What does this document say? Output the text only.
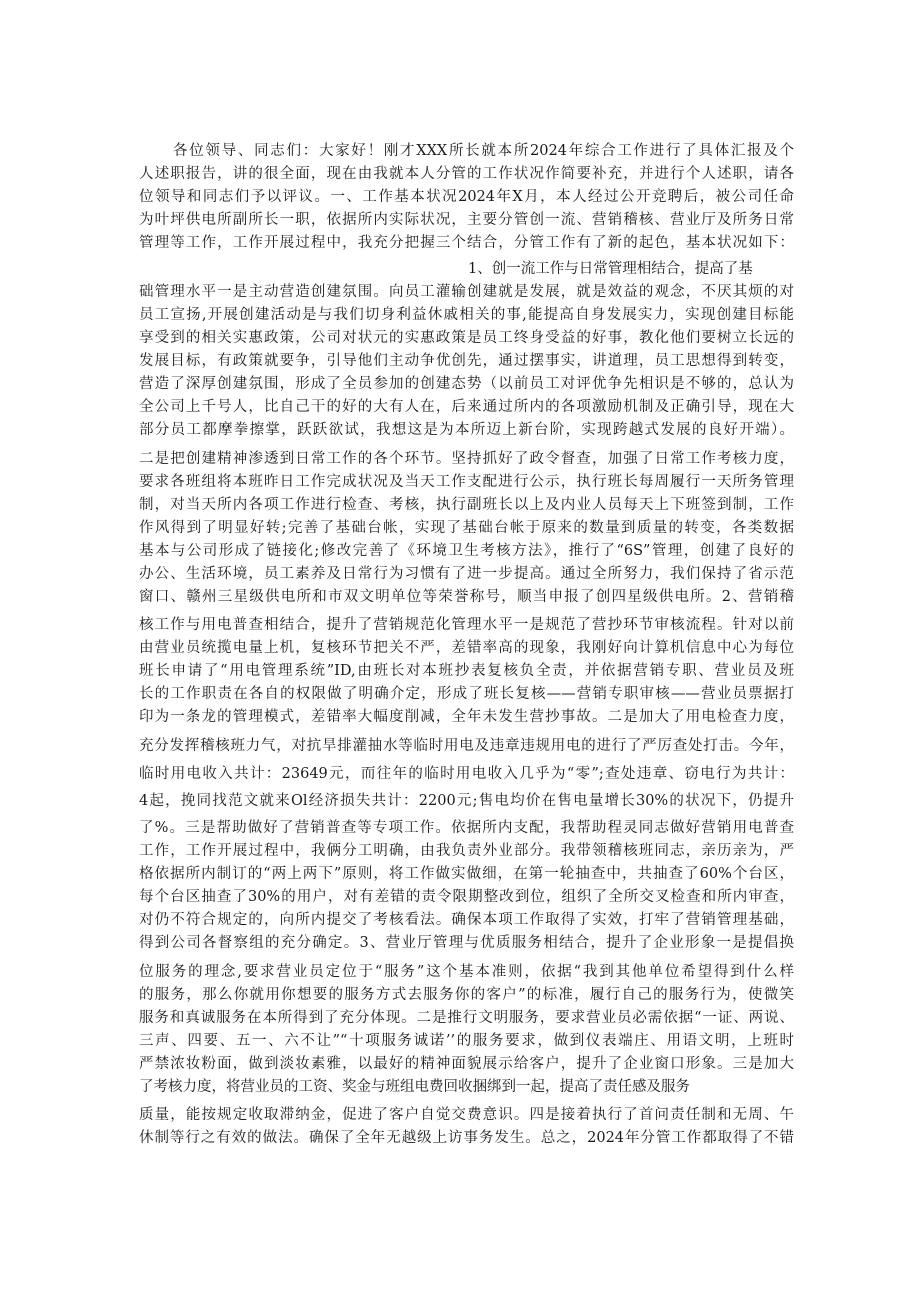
各位领导、同志们：大家好！刚才XXX所长就本所2024年综合工作进行了具体汇报及个
人述职报告，讲的很全面，现在由我就本人分管的工作状况作简要补充，并进行个人述职，请各
位领导和同志们予以评议。一、工作基本状况2024年X月，本人经过公开竞聘后，被公司任命
为叶坪供电所副所长一职，依据所内实际状况，主要分管创一流、营销稽核、营业厅及所务日常
管理等工作，工作开展过程中，我充分把握三个结合，分管工作有了新的起色，基本状况如下：
1、创一流工作与日常管理相结合，提高了基
础管理水平一是主动营造创建氛围。向员工灌输创建就是发展，就是效益的观念，不厌其烦的对
员工宣扬,开展创建活动是与我们切身利益休戚相关的事,能提高自身发展实力，实现创建目标能
享受到的相关实惠政策，公司对状元的实惠政策是员工终身受益的好事，教化他们要树立长远的
发展目标，有政策就要争，引导他们主动争优创先，通过摆事实，讲道理，员工思想得到转变，
营造了深厚创建氛围，形成了全员参加的创建态势（以前员工对评优争先相识是不够的，总认为
全公司上千号人，比自己干的好的大有人在，后来通过所内的各项激励机制及正确引导，现在大
部分员工都摩拳擦掌，跃跃欲试，我想这是为本所迈上新台阶，实现跨越式发展的良好开端）。
二是把创建精神渗透到日常工作的各个环节。坚持抓好了政令督查，加强了日常工作考核力度，
要求各班组将本班昨日工作完成状况及当天工作支配进行公示，执行班长每周履行一天所务管理
制，对当天所内各项工作进行检查、考核，执行副班长以上及内业人员每天上下班签到制，工作
作风得到了明显好转;完善了基础台帐，实现了基础台帐于原来的数量到质量的转变，各类数据
基本与公司形成了链接化;修改完善了《环境卫生考核方法》，推行了“6S”管理，创建了良好的
办公、生活环境，员工素养及日常行为习惯有了进一步提高。通过全所努力，我们保持了省示范
窗口、赣州三星级供电所和市双文明单位等荣誉称号，顺当申报了创四星级供电所。2、营销稽
核工作与用电普查相结合，提升了营销规范化管理水平一是规范了营抄环节审核流程。针对以前
由营业员统揽电量上机，复核环节把关不严，差错率高的现象，我刚好向计算机信息中心为每位
班长申请了“用电管理系统”ID,由班长对本班抄表复核负全责，并依据营销专职、营业员及班
长的工作职责在各自的权限做了明确介定，形成了班长复核——营销专职审核——营业员票据打
印为一条龙的管理模式，差错率大幅度削减，全年未发生营抄事故。二是加大了用电检查力度，
充分发挥稽核班力气，对抗旱排灌抽水等临时用电及违章违规用电的进行了严厉查处打击。今年，
临时用电收入共计：23649元，而往年的临时用电收入几乎为“零”;查处违章、窃电行为共计：
4起，挽同找范文就来Ol经济损失共计：2200元;售电均价在售电量增长30%的状况下，仍提升
了%。三是帮助做好了营销普查等专项工作。依据所内支配，我帮助程灵同志做好营销用电普查
工作，工作开展过程中，我俩分工明确，由我负责外业部分。我带领稽核班同志，亲历亲为，严
格依据所内制订的“两上两下”原则，将工作做实做细，在第一轮抽查中，共抽查了60%个台区，
每个台区抽查了30%的用户，对有差错的责令限期整改到位，组织了全所交叉检查和所内审查，
对仍不符合规定的，向所内提交了考核看法。确保本项工作取得了实效，打牢了营销管理基础，
得到公司各督察组的充分确定。3、营业厅管理与优质服务相结合，提升了企业形象一是提倡换
位服务的理念,要求营业员定位于“服务”这个基本准则，依据“我到其他单位希望得到什么样
的服务，那么你就用你想要的服务方式去服务你的客户”的标准，履行自己的服务行为，使微笑
服务和真诚服务在本所得到了充分体现。二是推行文明服务，要求营业员必需依据“一证、两说、
三声、四要、五一、六不让”“十项服务诚诺’’的服务要求，做到仪表端庄、用语文明，上班时
严禁浓妆粉面，做到淡妆素雅，以最好的精神面貌展示给客户，提升了企业窗口形象。三是加大
了考核力度，将营业员的工资、奖金与班组电费回收捆绑到一起，提高了责任感及服务
质量，能按规定收取滞纳金，促进了客户自觉交费意识。四是接着执行了首问责任制和无周、午
休制等行之有效的做法。确保了全年无越级上访事务发生。总之，2024年分管工作都取得了不错
